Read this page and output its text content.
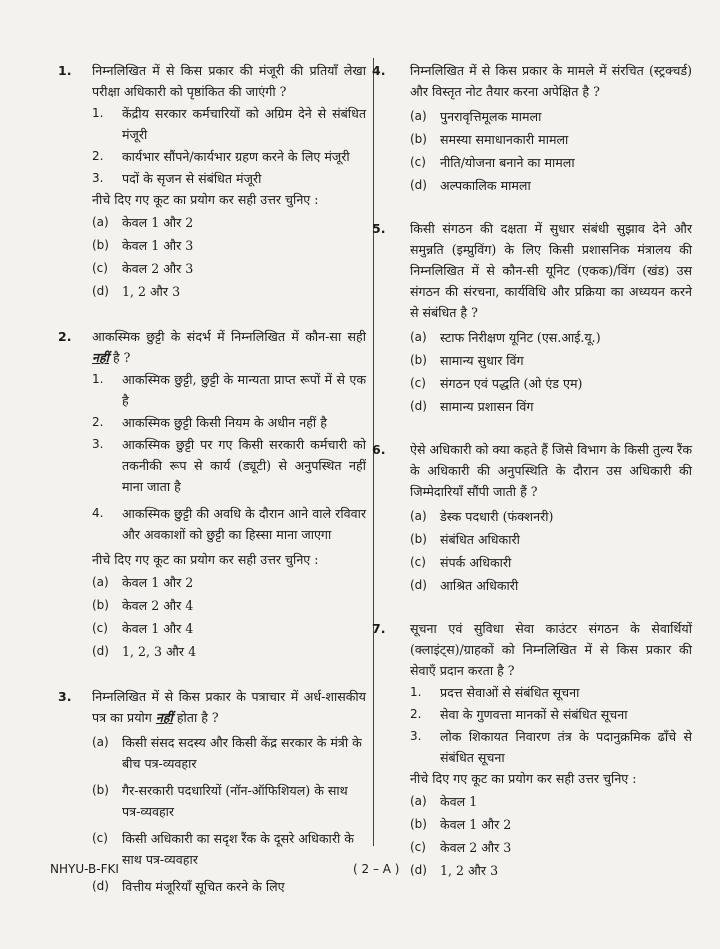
1. निम्नलिखित में से किस प्रकार की मंजूरी की प्रतियाँ लेखा परीक्षा अधिकारी को पृष्ठांकित की जाएंगी ?
1.	केंद्रीय सरकार कर्मचारियों को अग्रिम देने से संबंधित मंजूरी
2.	कार्यभार सौंपने/कार्यभार ग्रहण करने के लिए मंजूरी
3.	पदों के सृजन से संबंधित मंजूरी
नीचे दिए गए कूट का प्रयोग कर सही उत्तर चुनिए :
(a)	केवल 1 और 2
(b)	केवल 1 और 3
(c)	केवल 2 और 3
(d)	1, 2 और 3
2. आकस्मिक छुट्टी के संदर्भ में निम्नलिखित में कौन-सा सही नहीं है ?
1.	आकस्मिक छुट्टी, छुट्टी के मान्यता प्राप्त रूपों में से एक है
2.	आकस्मिक छुट्टी किसी नियम के अधीन नहीं है
3.	आकस्मिक छुट्टी पर गए किसी सरकारी कर्मचारी को तकनीकी रूप से कार्य (ड्यूटी) से अनुपस्थित नहीं माना जाता है
4.	आकस्मिक छुट्टी की अवधि के दौरान आने वाले रविवार और अवकाशों को छुट्टी का हिस्सा माना जाएगा
नीचे दिए गए कूट का प्रयोग कर सही उत्तर चुनिए :
(a)	केवल 1 और 2
(b)	केवल 2 और 4
(c)	केवल 1 और 4
(d)	1, 2, 3 और 4
3. निम्नलिखित में से किस प्रकार के पत्राचार में अर्ध-शासकीय पत्र का प्रयोग नहीं होता है ?
(a)	किसी संसद सदस्य और किसी केंद्र सरकार के मंत्री के बीच पत्र-व्यवहार
(b)	गैर-सरकारी पदधारियों (नॉन-ऑफिशियल) के साथ पत्र-व्यवहार
(c)	किसी अधिकारी का सदृश रैंक के दूसरे अधिकारी के साथ पत्र-व्यवहार
(d)	वित्तीय मंजूरियाँ सूचित करने के लिए
4. निम्नलिखित में से किस प्रकार के मामले में संरचित (स्ट्रक्चर्ड) और विस्तृत नोट तैयार करना अपेक्षित है ?
(a)	पुनरावृत्तिमूलक मामला
(b)	समस्या समाधानकारी मामला
(c)	नीति/योजना बनाने का मामला
(d)	अल्पकालिक मामला
5. किसी संगठन की दक्षता में सुधार संबंधी सुझाव देने और समुन्नति (इम्प्रुविंग) के लिए किसी प्रशासनिक मंत्रालय की निम्नलिखित में से कौन-सी यूनिट (एकक)/विंग (खंड) उस संगठन की संरचना, कार्यविधि और प्रक्रिया का अध्ययन करने से संबंधित है ?
(a)	स्टाफ निरीक्षण यूनिट (एस.आई.यू.)
(b)	सामान्य सुधार विंग
(c)	संगठन एवं पद्धति (ओ एंड एम)
(d)	सामान्य प्रशासन विंग
6. ऐसे अधिकारी को क्या कहते हैं जिसे विभाग के किसी तुल्य रैंक के अधिकारी की अनुपस्थिति के दौरान उस अधिकारी की जिम्मेदारियाँ सौंपी जाती हैं ?
(a)	डेस्क पदधारी (फंक्शनरी)
(b)	संबंधित अधिकारी
(c)	संपर्क अधिकारी
(d)	आश्रित अधिकारी
7. सूचना एवं सुविधा सेवा काउंटर संगठन के सेवार्थियों (क्लाइंट्स)/ग्राहकों को निम्नलिखित में से किस प्रकार की सेवाएँ प्रदान करता है ?
1.	प्रदत्त सेवाओं से संबंधित सूचना
2.	सेवा के गुणवत्ता मानकों से संबंधित सूचना
3.	लोक शिकायत निवारण तंत्र के पदानुक्रमिक ढाँचे से संबंधित सूचना
नीचे दिए गए कूट का प्रयोग कर सही उत्तर चुनिए :
(a)	केवल 1
(b)	केवल 1 और 2
(c)	केवल 2 और 3
(d)	1, 2 और 3
NHYU-B-FKI	( 2 – A )
